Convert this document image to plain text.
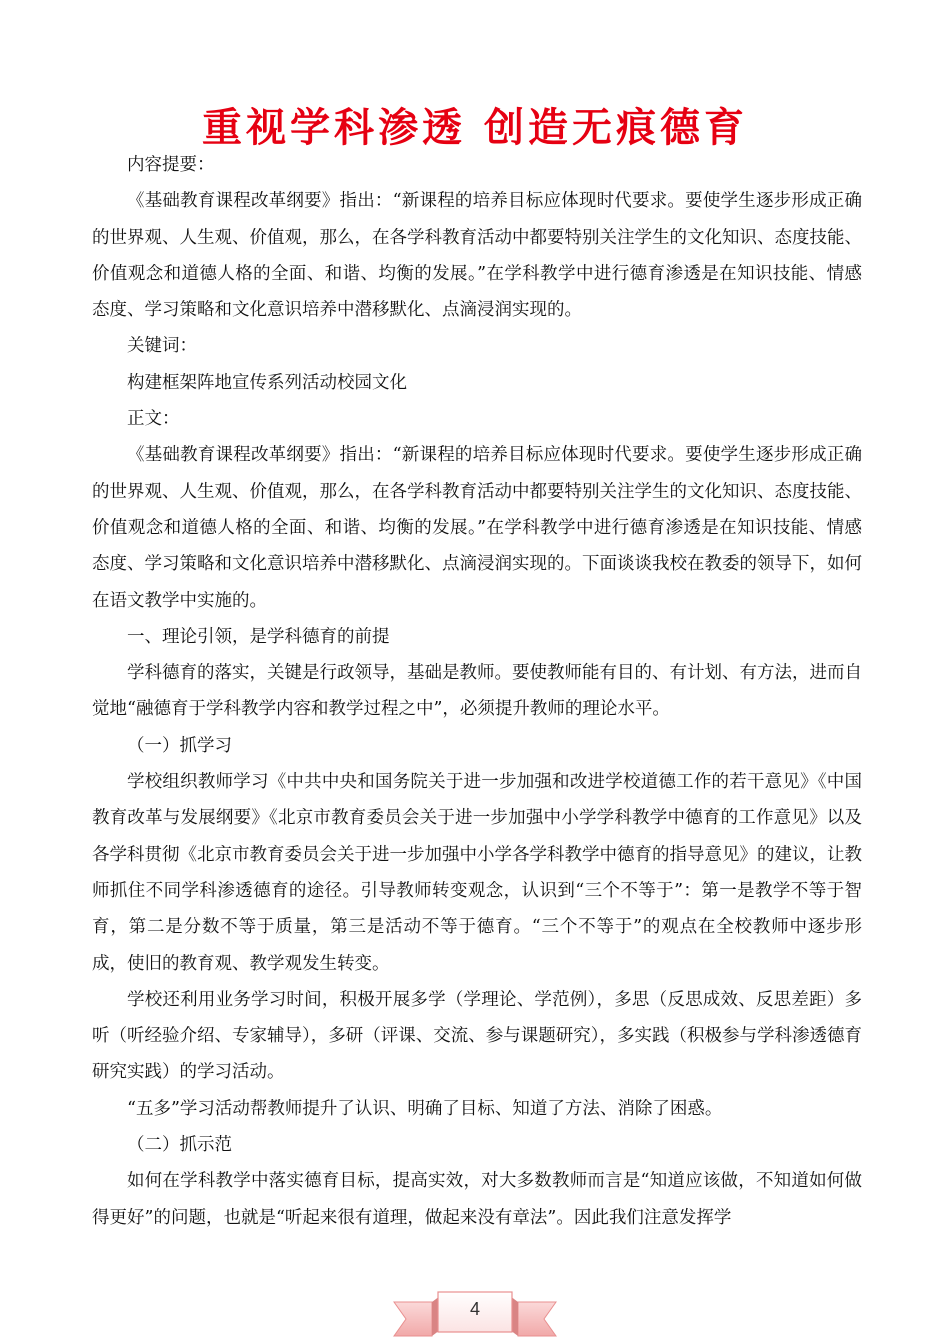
重视学科渗透 创造无痕德育

内容提要：

《基础教育课程改革纲要》指出：“新课程的培养目标应体现时代要求。要使学生逐步形成正确的世界观、人生观、价值观，那么，在各学科教育活动中都要特别关注学生的文化知识、态度技能、价值观念和道德人格的全面、和谐、均衡的发展。”在学科教学中进行德育渗透是在知识技能、情感态度、学习策略和文化意识培养中潜移默化、点滴浸润实现的。

关键词：

构建框架阵地宣传系列活动校园文化

正文：

《基础教育课程改革纲要》指出：“新课程的培养目标应体现时代要求。要使学生逐步形成正确的世界观、人生观、价值观，那么，在各学科教育活动中都要特别关注学生的文化知识、态度技能、价值观念和道德人格的全面、和谐、均衡的发展。”在学科教学中进行德育渗透是在知识技能、情感态度、学习策略和文化意识培养中潜移默化、点滴浸润实现的。下面谈谈我校在教委的领导下，如何在语文教学中实施的。

一、理论引领，是学科德育的前提

学科德育的落实，关键是行政领导，基础是教师。要使教师能有目的、有计划、有方法，进而自觉地“融德育于学科教学内容和教学过程之中”，必须提升教师的理论水平。

（一）抓学习

学校组织教师学习《中共中央和国务院关于进一步加强和改进学校道德工作的若干意见》《中国教育改革与发展纲要》《北京市教育委员会关于进一步加强中小学学科教学中德育的工作意见》以及各学科贯彻《北京市教育委员会关于进一步加强中小学各学科教学中德育的指导意见》的建议，让教师抓住不同学科渗透德育的途径。引导教师转变观念，认识到“三个不等于”：第一是教学不等于智育，第二是分数不等于质量，第三是活动不等于德育。“三个不等于”的观点在全校教师中逐步形成，使旧的教育观、教学观发生转变。

学校还利用业务学习时间，积极开展多学（学理论、学范例），多思（反思成效、反思差距）多听（听经验介绍、专家辅导），多研（评课、交流、参与课题研究），多实践（积极参与学科渗透德育研究实践）的学习活动。

“五多”学习活动帮教师提升了认识、明确了目标、知道了方法、消除了困惑。

（二）抓示范

如何在学科教学中落实德育目标，提高实效，对大多数教师而言是“知道应该做，不知道如何做得更好”的问题，也就是“听起来很有道理，做起来没有章法”。因此我们注意发挥学

4
